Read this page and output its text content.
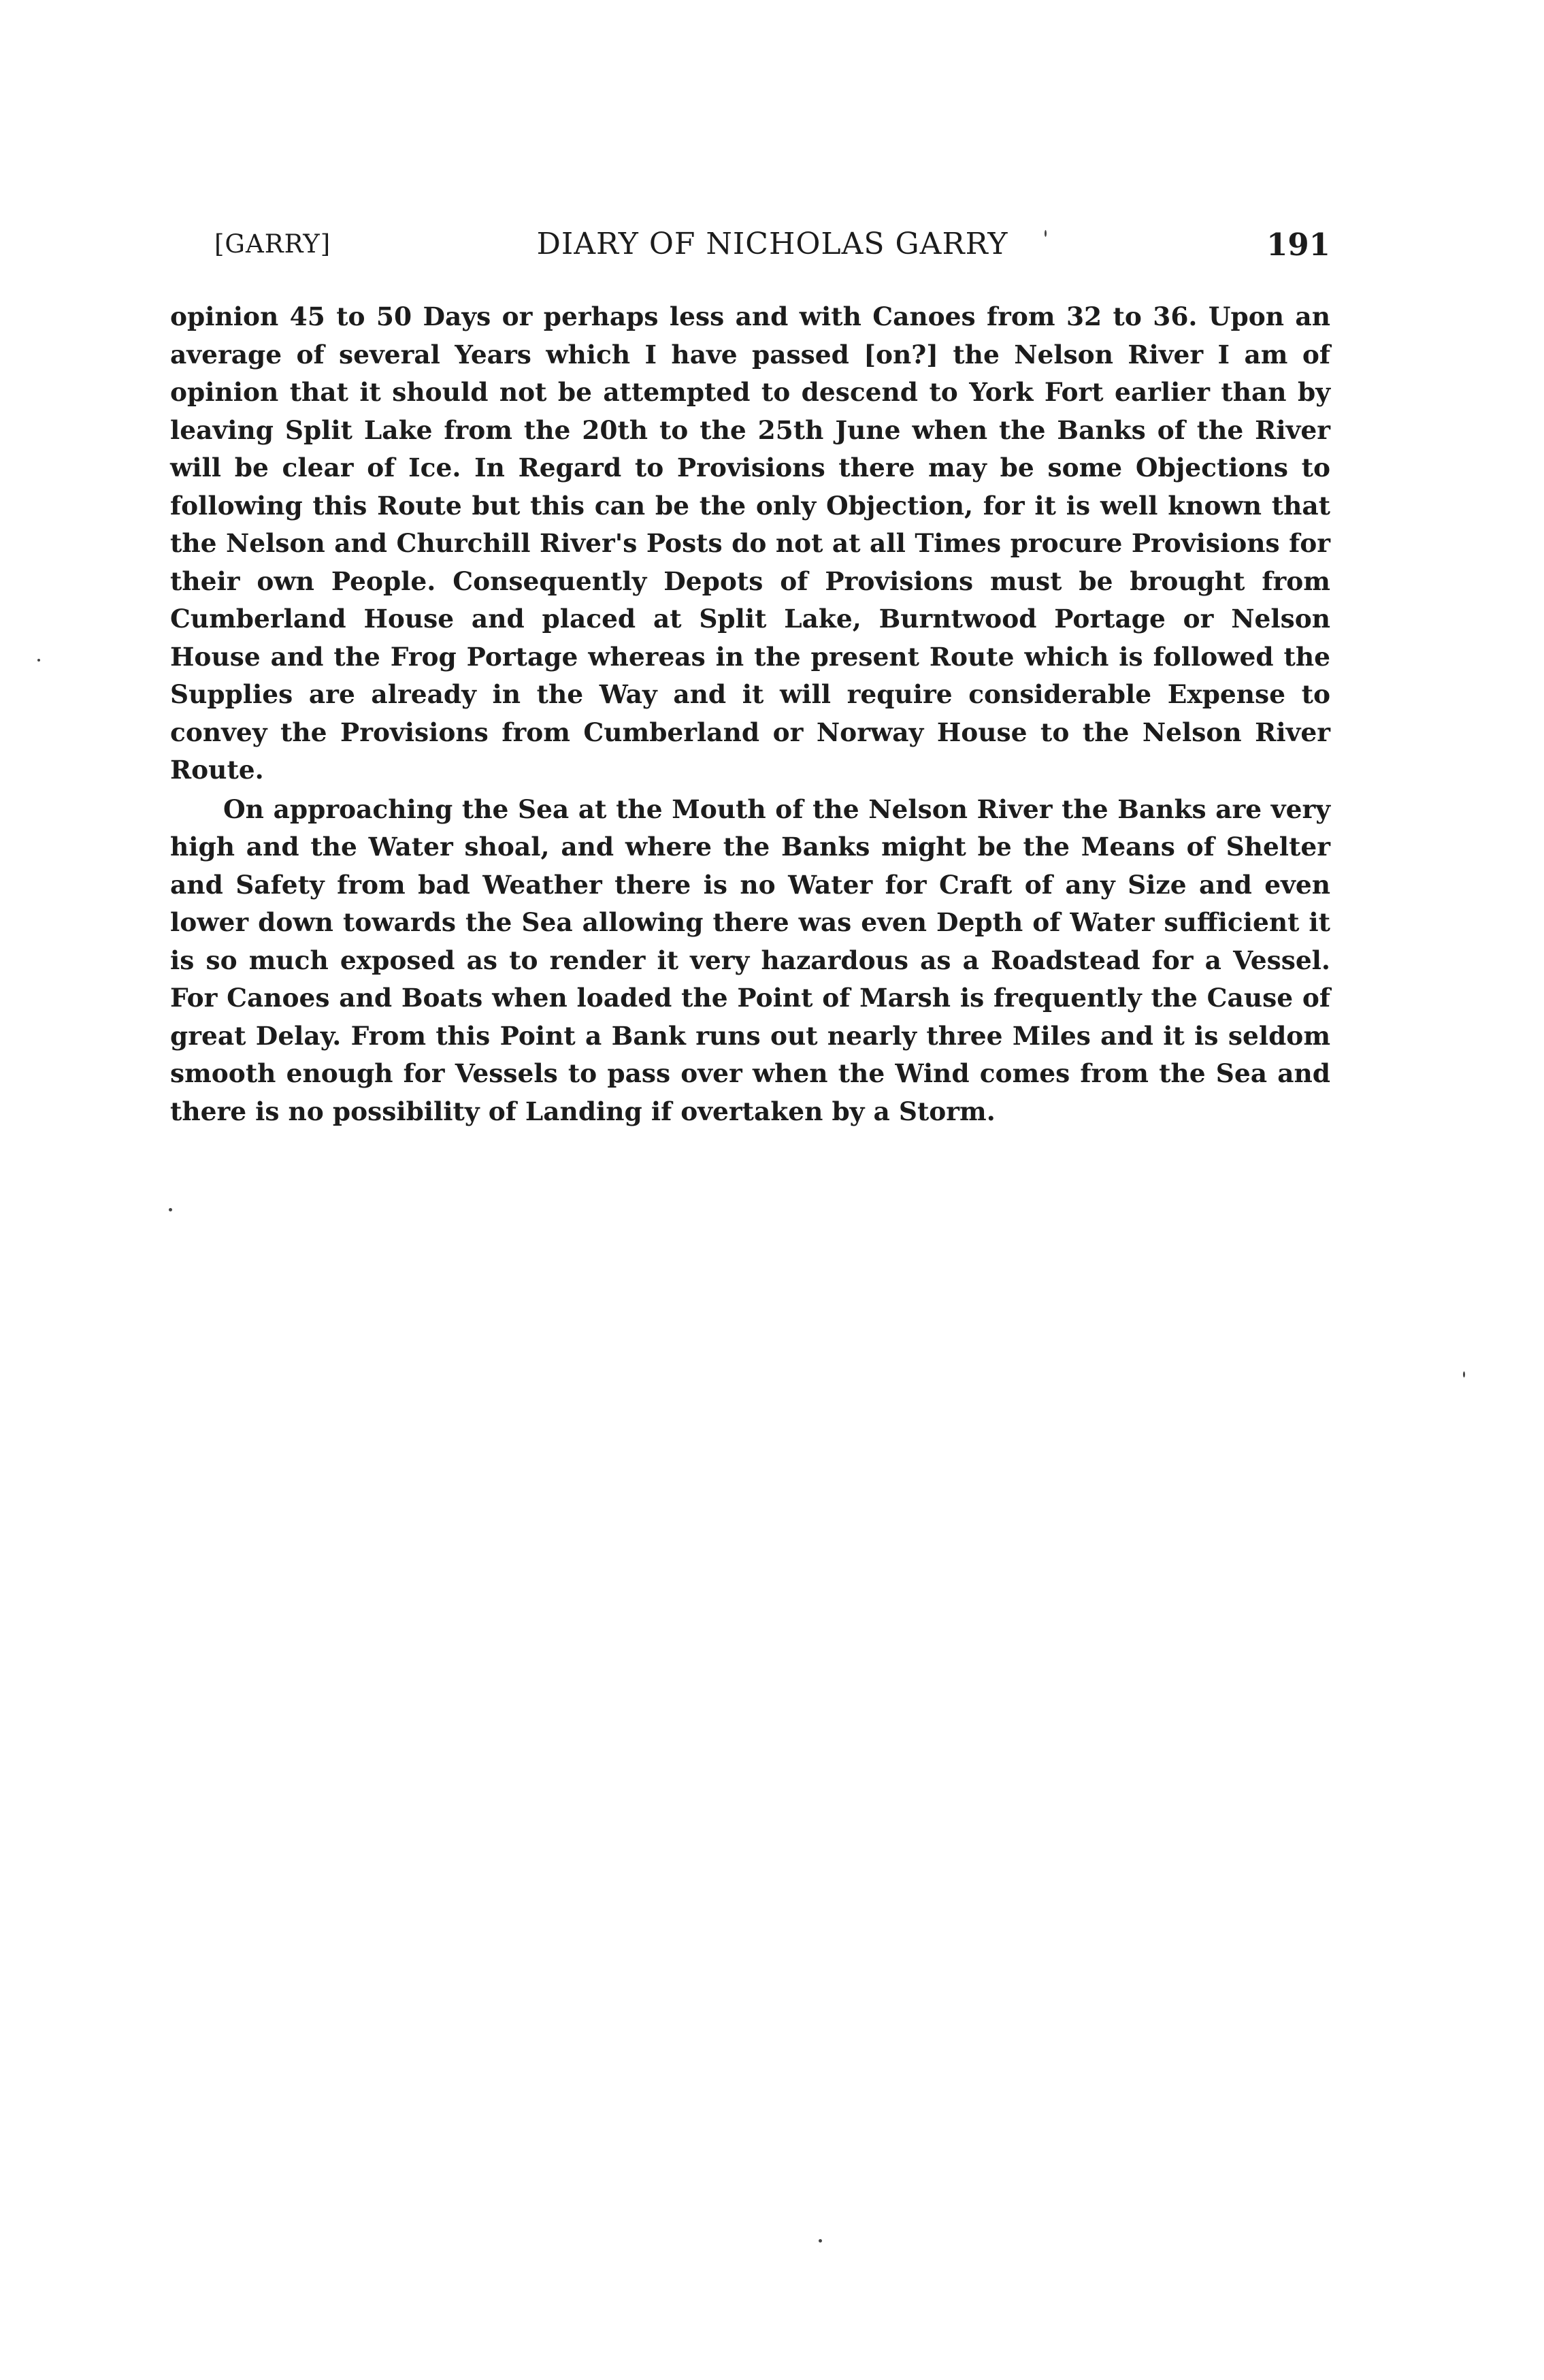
[GARRY]	DIARY OF NICHOLAS GARRY	191

opinion 45 to 50 Days or perhaps less and with Canoes from 32 to 36. Upon an average of several Years which I have passed [on?] the Nelson River I am of opinion that it should not be attempted to descend to York Fort earlier than by leaving Split Lake from the 20th to the 25th June when the Banks of the River will be clear of Ice. In Regard to Provisions there may be some Objections to following this Route but this can be the only Objection, for it is well known that the Nelson and Churchill River's Posts do not at all Times procure Provisions for their own People. Consequently Depots of Provisions must be brought from Cumberland House and placed at Split Lake, Burntwood Portage or Nelson House and the Frog Portage whereas in the present Route which is followed the Supplies are already in the Way and it will require considerable Expense to convey the Provisions from Cumberland or Norway House to the Nelson River Route.

On approaching the Sea at the Mouth of the Nelson River the Banks are very high and the Water shoal, and where the Banks might be the Means of Shelter and Safety from bad Weather there is no Water for Craft of any Size and even lower down towards the Sea allowing there was even Depth of Water sufficient it is so much exposed as to render it very hazardous as a Roadstead for a Vessel. For Canoes and Boats when loaded the Point of Marsh is frequently the Cause of great Delay. From this Point a Bank runs out nearly three Miles and it is seldom smooth enough for Vessels to pass over when the Wind comes from the Sea and there is no possibility of Landing if overtaken by a Storm.
